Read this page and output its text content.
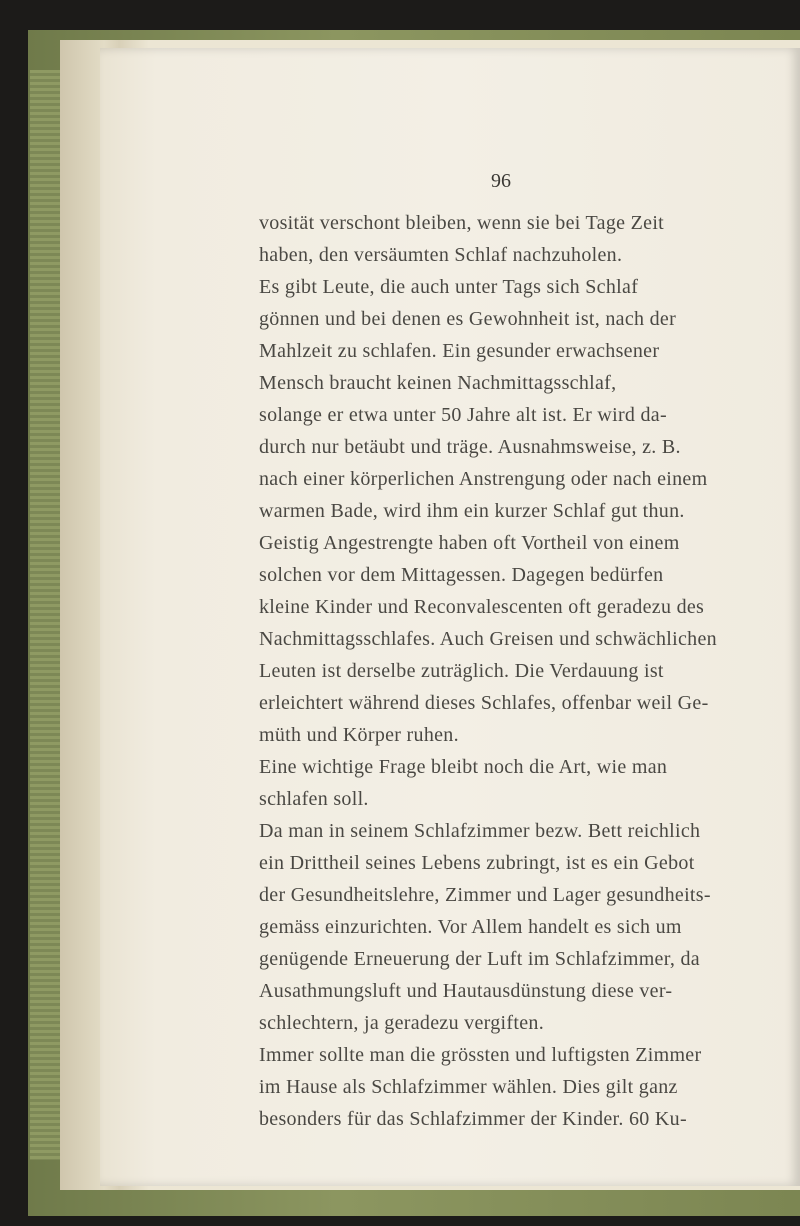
96
vosität verschont bleiben, wenn sie bei Tage Zeit
haben, den versäumten Schlaf nachzuholen.
Es gibt Leute, die auch unter Tags sich Schlaf
gönnen und bei denen es Gewohnheit ist, nach der
Mahlzeit zu schlafen. Ein gesunder erwachsener
Mensch braucht keinen Nachmittagsschlaf,
solange er etwa unter 50 Jahre alt ist. Er wird da-
durch nur betäubt und träge. Ausnahmsweise, z. B.
nach einer körperlichen Anstrengung oder nach einem
warmen Bade, wird ihm ein kurzer Schlaf gut thun.
Geistig Angestrengte haben oft Vortheil von einem
solchen vor dem Mittagessen. Dagegen bedürfen
kleine Kinder und Reconvalescenten oft geradezu des
Nachmittagsschlafes. Auch Greisen und schwächlichen
Leuten ist derselbe zuträglich. Die Verdauung ist
erleichtert während dieses Schlafes, offenbar weil Ge-
müth und Körper ruhen.
Eine wichtige Frage bleibt noch die Art, wie man
schlafen soll.
Da man in seinem Schlafzimmer bezw. Bett reichlich
ein Drittheil seines Lebens zubringt, ist es ein Gebot
der Gesundheitslehre, Zimmer und Lager gesundheits-
gemäss einzurichten. Vor Allem handelt es sich um
genügende Erneuerung der Luft im Schlafzimmer, da
Ausathmungsluft und Hautausdünstung diese ver-
schlechtern, ja geradezu vergiften.
Immer sollte man die grössten und luftigsten Zimmer
im Hause als Schlafzimmer wählen. Dies gilt ganz
besonders für das Schlafzimmer der Kinder. 60 Ku-
